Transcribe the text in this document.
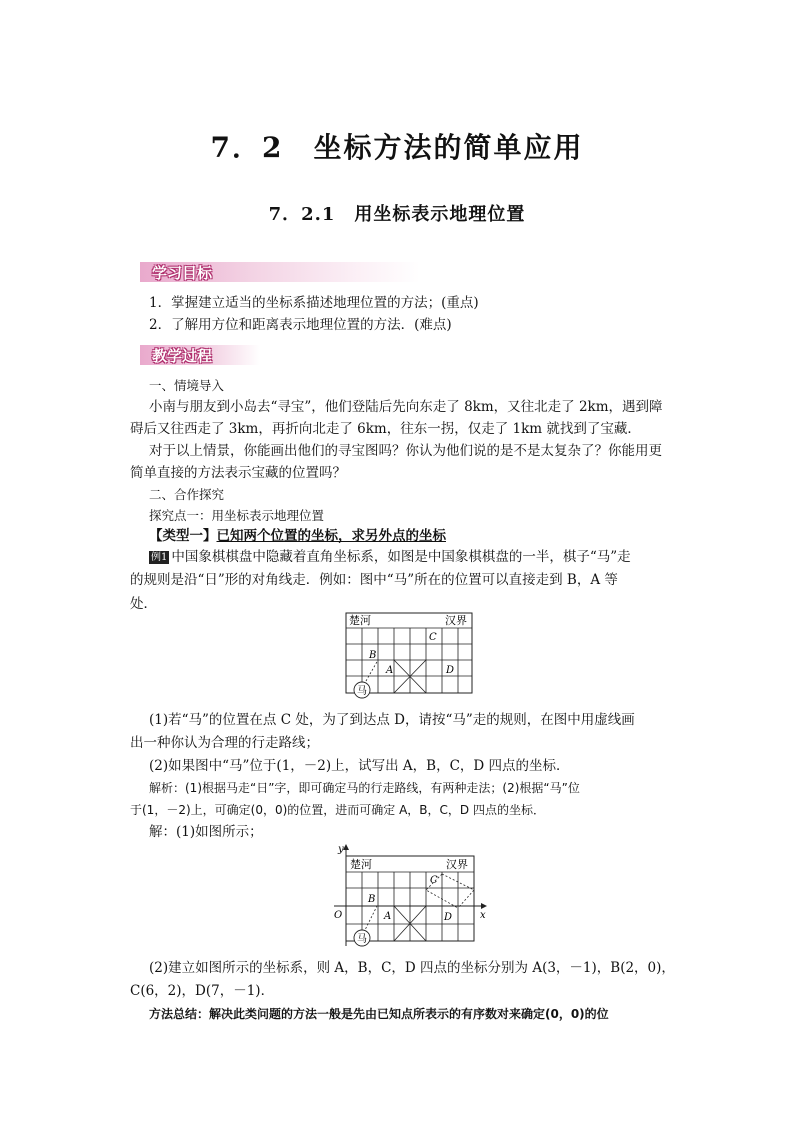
7．2　坐标方法的简单应用
7．2.1　用坐标表示地理位置
学习目标
1．掌握建立适当的坐标系描述地理位置的方法；(重点)
2．了解用方位和距离表示地理位置的方法．(难点)
教学过程
一、情境导入
小南与朋友到小岛去“寻宝”，他们登陆后先向东走了 8km，又往北走了 2km，遇到障
碍后又往西走了 3km，再折向北走了 6km，往东一拐，仅走了 1km 就找到了宝藏．
对于以上情景，你能画出他们的寻宝图吗？你认为他们说的是不是太复杂了？你能用更
简单直接的方法表示宝藏的位置吗？
二、合作探究
探究点一：用坐标表示地理位置
【类型一】已知两个位置的坐标，求另外点的坐标
例1 中国象棋棋盘中隐藏着直角坐标系，如图是中国象棋棋盘的一半，棋子“马”走
的规则是沿“日”形的对角线走．例如：图中“马”所在的位置可以直接走到 B，A 等
处．
楚河	汉界
C
B
A	D
马
(1)若“马”的位置在点 C 处，为了到达点 D，请按“马”走的规则，在图中用虚线画
出一种你认为合理的行走路线；
(2)如果图中“马”位于(1，－2)上，试写出 A，B，C，D 四点的坐标．
解析：(1)根据马走“日”字，即可确定马的行走路线，有两种走法；(2)根据“马”位
于(1，－2)上，可确定(0，0)的位置，进而可确定 A，B，C，D 四点的坐标．
解：(1)如图所示；
y
x
O
楚河	汉界
C
B
A	D
马
(2)建立如图所示的坐标系，则 A，B，C，D 四点的坐标分别为 A(3，－1)，B(2，0)，
C(6，2)，D(7，－1)．
方法总结：解决此类问题的方法一般是先由已知点所表示的有序数对来确定(0，0)的位
